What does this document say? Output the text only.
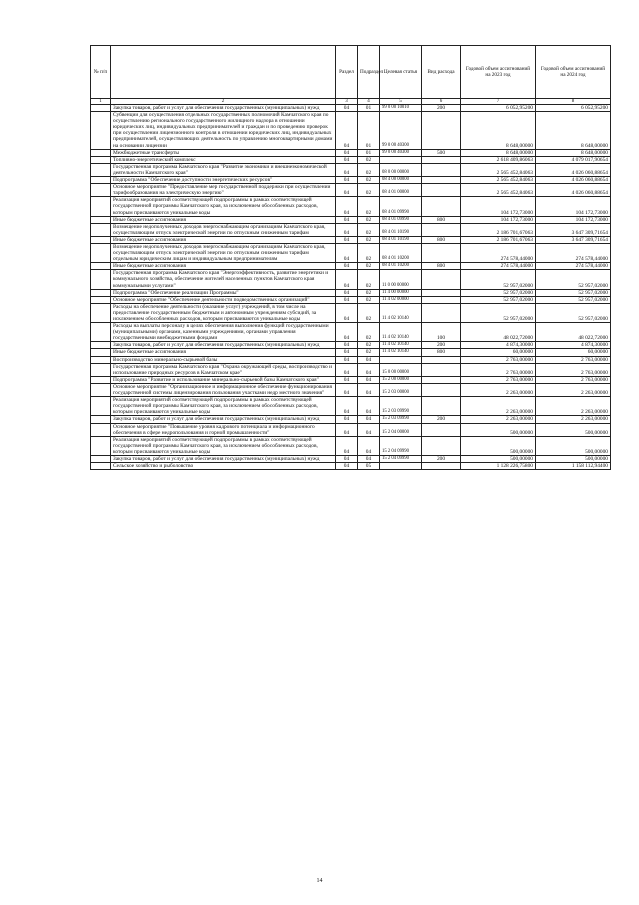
№ п/п		Раздел	Подраздел	Целевая статья	Вид расхода	Годовой объем ассигнований на 2023 год	Годовой объем ассигнований на 2024 год
1	2	3	4	5	6	7	8
	Закупка товаров, работ и услуг для обеспечения государственных (муниципальных) нужд	04	01	99 0 00 10010	200	6 052,95200	6 052,95200
	Субвенции для осуществления отдельных государственных полномочий Камчатского края по осуществлению регионального государственного жилищного надзора в отношении юридических лиц, индивидуальных предпринимателей и граждан и по проведению проверок при осуществлении лицензионного контроля в отношении юридических лиц, индивидуальных предпринимателей, осуществляющих деятельность по управлению многоквартирными домами на основании лицензии	04	01	99 0 00 40300		8 648,00000	8 648,00000
	Межбюджетные трансферты	04	01	99 0 00 40300	500	8 648,00000	8 648,00000
	Топливно-энергетический комплекс	04	02			2 618 409,86063	4 079 017,90654
	Государственная программа Камчатского края "Развитие экономики и внешнеэкономической деятельности Камчатского края"	04	02	08 0 00 00000		2 565 452,84063	4 026 060,88654
	Подпрограмма "Обеспечение доступности энергетических ресурсов"	04	02	08 4 00 00000		2 565 452,84063	4 026 060,88654
	Основное мероприятие "Предоставление мер государственной поддержки при осуществлении тарифообразования на электрическую энергию"	04	02	08 4 01 00000		2 565 452,84063	4 026 060,88654
	Реализация мероприятий соответствующей подпрограммы в рамках соответствующей государственной программы Камчатского края, за исключением обособленных расходов, которым присваиваются уникальные коды	04	02	08 4 01 09990		104 172,73000	104 172,73000
	Иные бюджетные ассигнования	04	02	08 4 01 09990	800	104 172,73000	104 172,73000
	Возмещение недополученных доходов энергоснабжающим организациям Камчатского края, осуществляющим отпуск электрической энергии по отпускным сниженным тарифам	04	02	08 4 01 10190		2 186 701,67063	3 647 309,71654
	Иные бюджетные ассигнования	04	02	08 4 01 10190	800	2 186 701,67063	3 647 309,71654
	Возмещение недополученных доходов энергоснабжающим организациям Камчатского края, осуществляющим отпуск электрической энергии по отпускным сниженным тарифам отдельным юридическим лицам и индивидуальным предпринимателям	04	02	08 4 01 10200		274 578,44000	274 578,44000
	Иные бюджетные ассигнования	04	02	08 4 01 10200	800	274 578,44000	274 578,44000
	Государственная программа Камчатского края "Энергоэффективность, развитие энергетики и коммунального хозяйства, обеспечение жителей населенных пунктов Камчатского края коммунальными услугами"	04	02	11 0 00 00000		52 957,02000	52 957,02000
	Подпрограмма "Обеспечение реализации Программы"	04	02	11 4 00 00000		52 957,02000	52 957,02000
	Основное мероприятие "Обеспечение деятельности подведомственных организаций"	04	02	11 4 02 00000		52 957,02000	52 957,02000
	Расходы на обеспечение деятельности (оказание услуг) учреждений, в том числе на предоставление государственным бюджетным и автономным учреждениям субсидий, за исключением обособленных расходов, которым присваиваются уникальные коды	04	02	11 4 02 10140		52 957,02000	52 957,02000
	Расходы на выплаты персоналу в целях обеспечения выполнения функций государственными (муниципальными) органами, казенными учреждениями, органами управления государственными внебюджетными фондами	04	02	11 4 02 10140	100	48 022,72000	48 022,72000
	Закупка товаров, работ и услуг для обеспечения государственных (муниципальных) нужд	04	02	11 4 02 10140	200	4 874,30000	4 874,30000
	Иные бюджетные ассигнования	04	02	11 4 02 10140	800	60,00000	60,00000
	Воспроизводство минерально-сырьевой базы	04	04			2 763,00000	2 763,00000
	Государственная программа Камчатского края "Охрана окружающей среды, воспроизводство и использование природных ресурсов в Камчатском крае"	04	04	15 0 00 00000		2 763,00000	2 763,00000
	Подпрограмма "Развитие и использование минерально-сырьевой базы Камчатского края"	04	04	15 2 00 00000		2 763,00000	2 763,00000
	Основное мероприятие "Организационное и информационное обеспечение функционирования государственной системы лицензирования пользования участками недр местного значения"	04	04	15 2 03 00000		2 263,00000	2 263,00000
	Реализация мероприятий соответствующей подпрограммы в рамках соответствующей государственной программы Камчатского края, за исключением обособленных расходов, которым присваиваются уникальные коды	04	04	15 2 03 09990		2 263,00000	2 263,00000
	Закупка товаров, работ и услуг для обеспечения государственных (муниципальных) нужд	04	04	15 2 03 09990	200	2 263,00000	2 263,00000
	Основное мероприятие "Повышение уровня кадрового потенциала и информационного обеспечения в сфере недропользования и горной промышленности"	04	04	15 2 04 00000		500,00000	500,00000
	Реализация мероприятий соответствующей подпрограммы в рамках соответствующей государственной программы Камчатского края, за исключением обособленных расходов, которым присваиваются уникальные коды	04	04	15 2 04 09990		500,00000	500,00000
	Закупка товаров, работ и услуг для обеспечения государственных (муниципальных) нужд	04	04	15 2 04 09990	200	500,00000	500,00000
	Сельское хозяйство и рыболовство	04	05			1 128 226,75800	1 158 112,94400
14
